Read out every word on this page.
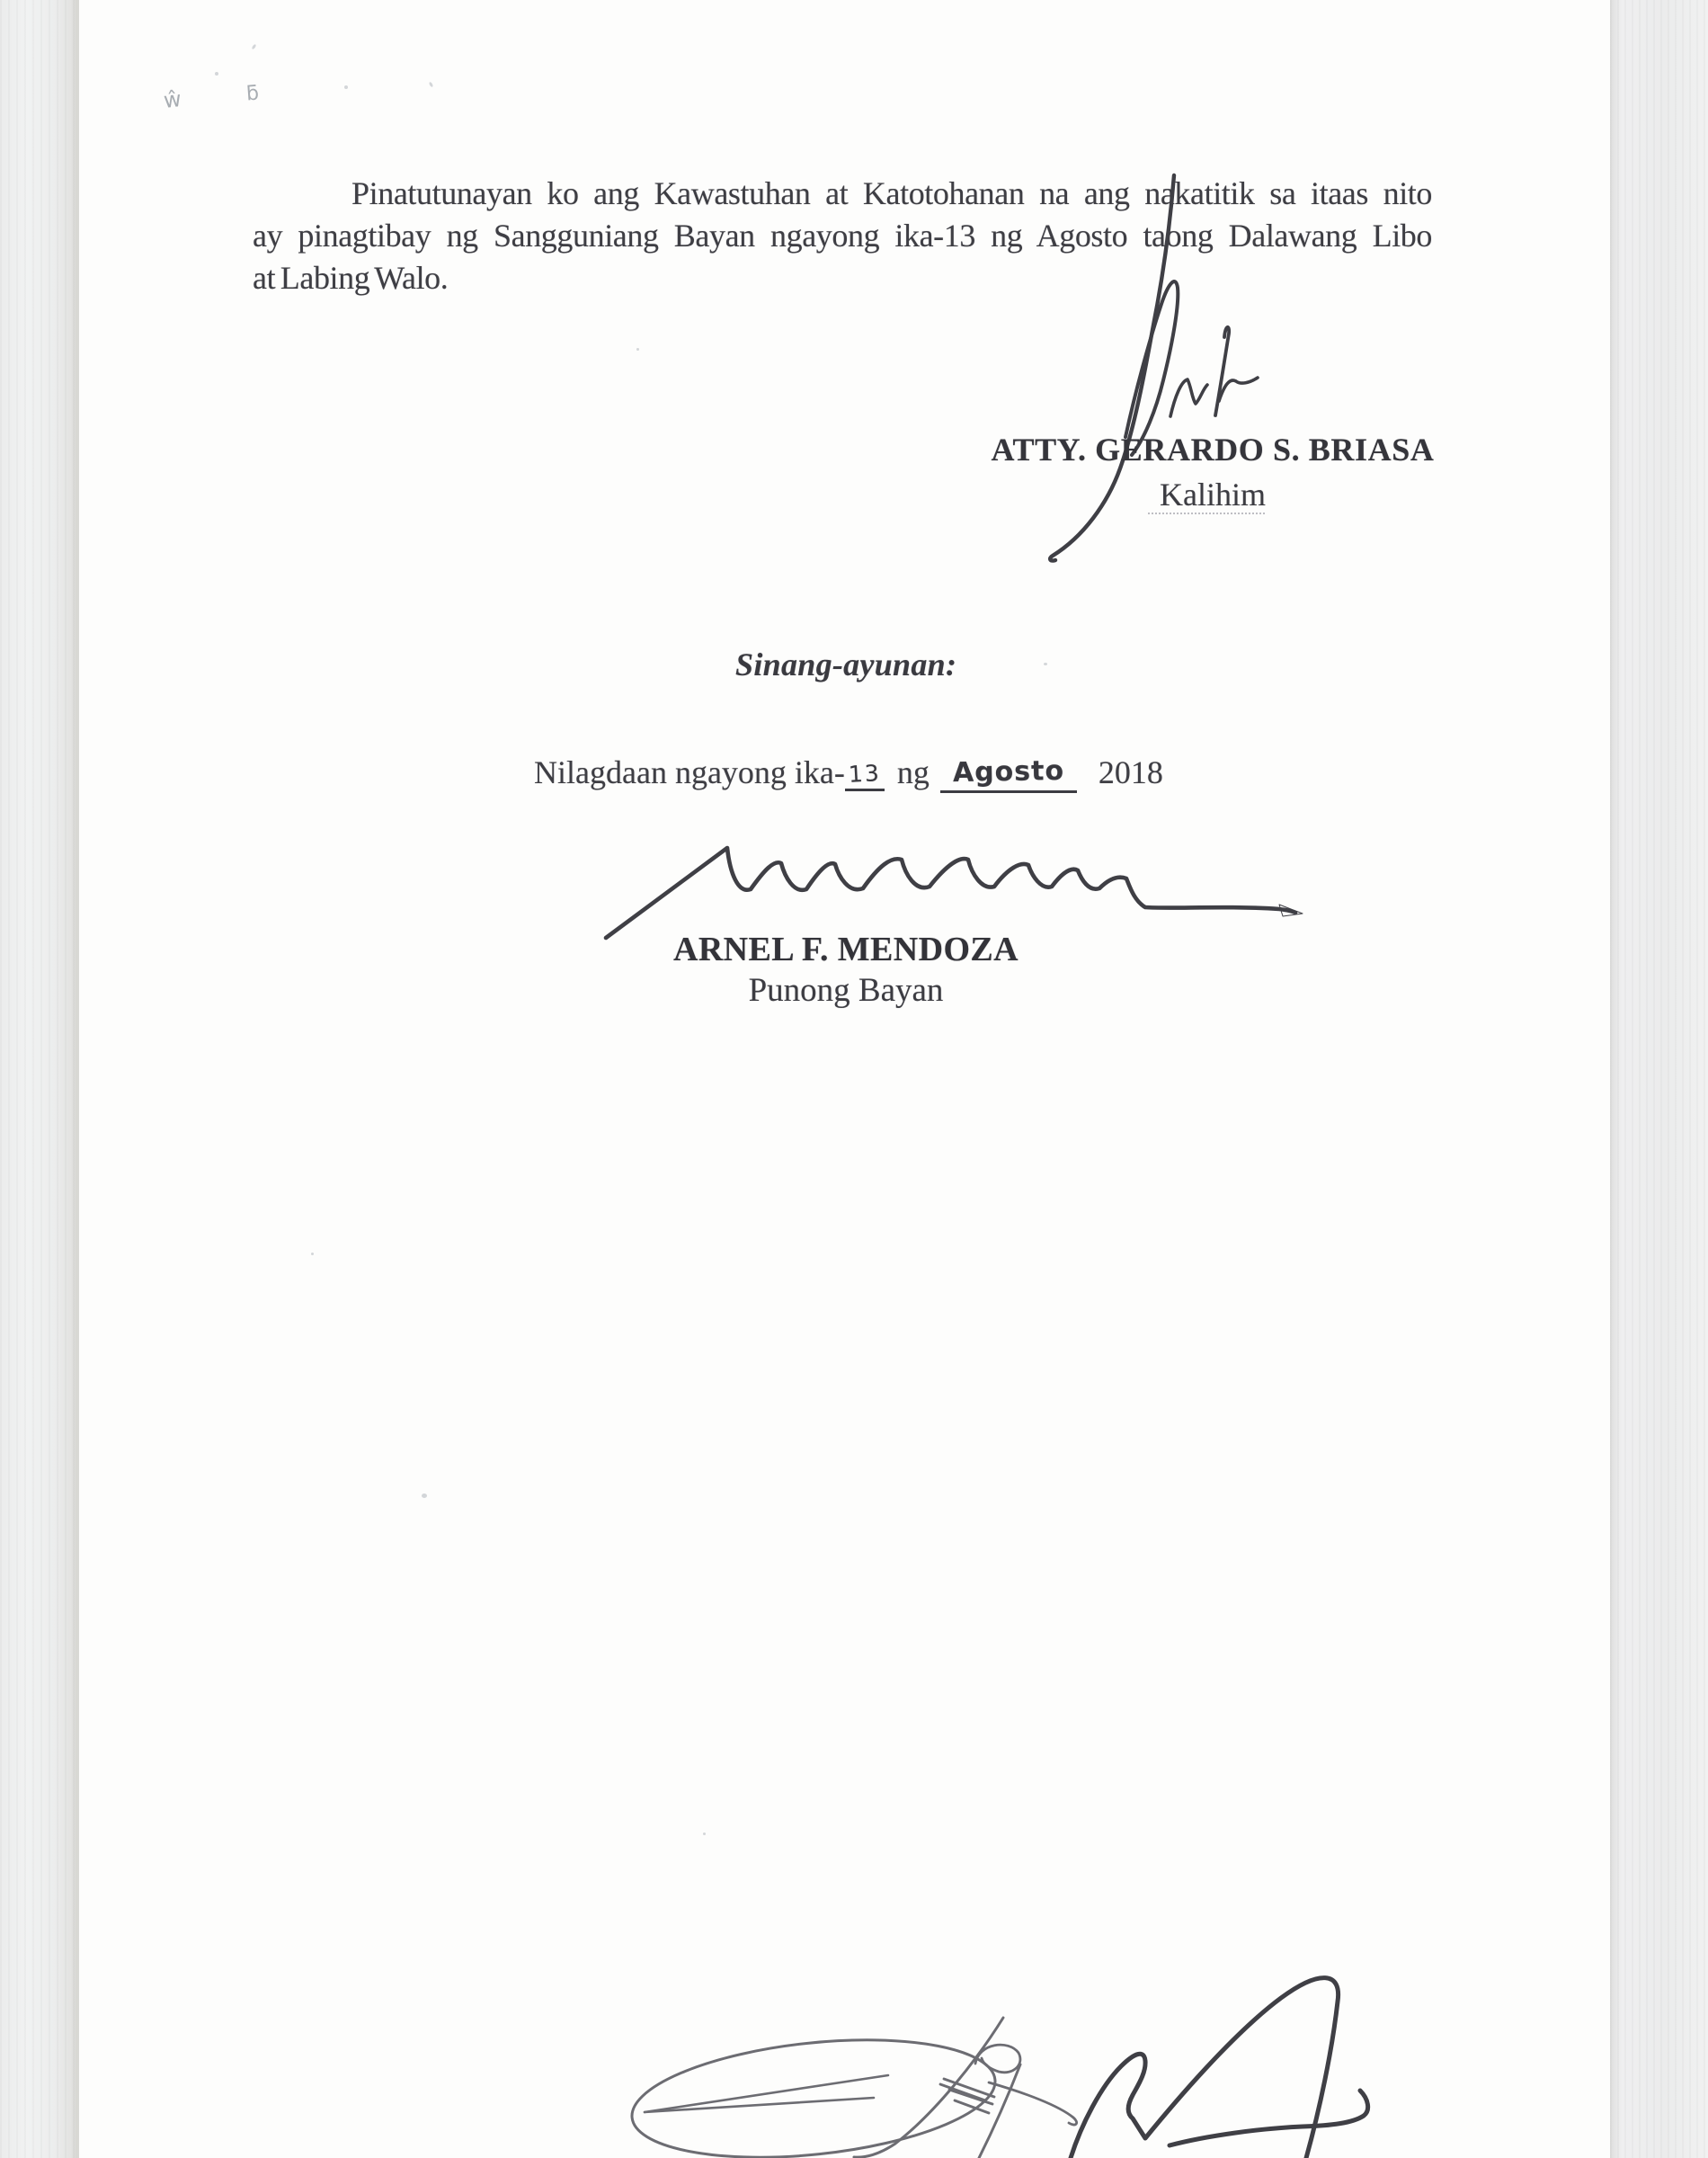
ŵ	ƃ
Pinatutunayan ko ang Kawastuhan at Katotohanan na ang nakatitik sa itaas nito
ay pinagtibay ng Sangguniang Bayan ngayong ika-13 ng Agosto taong Dalawang Libo
at Labing Walo.
ATTY. GERARDO S. BRIASA
Kalihim
Sinang-ayunan:
Nilagdaan ngayong ika- 13 ng Agosto 2018
ARNEL F. MENDOZA
Punong Bayan
